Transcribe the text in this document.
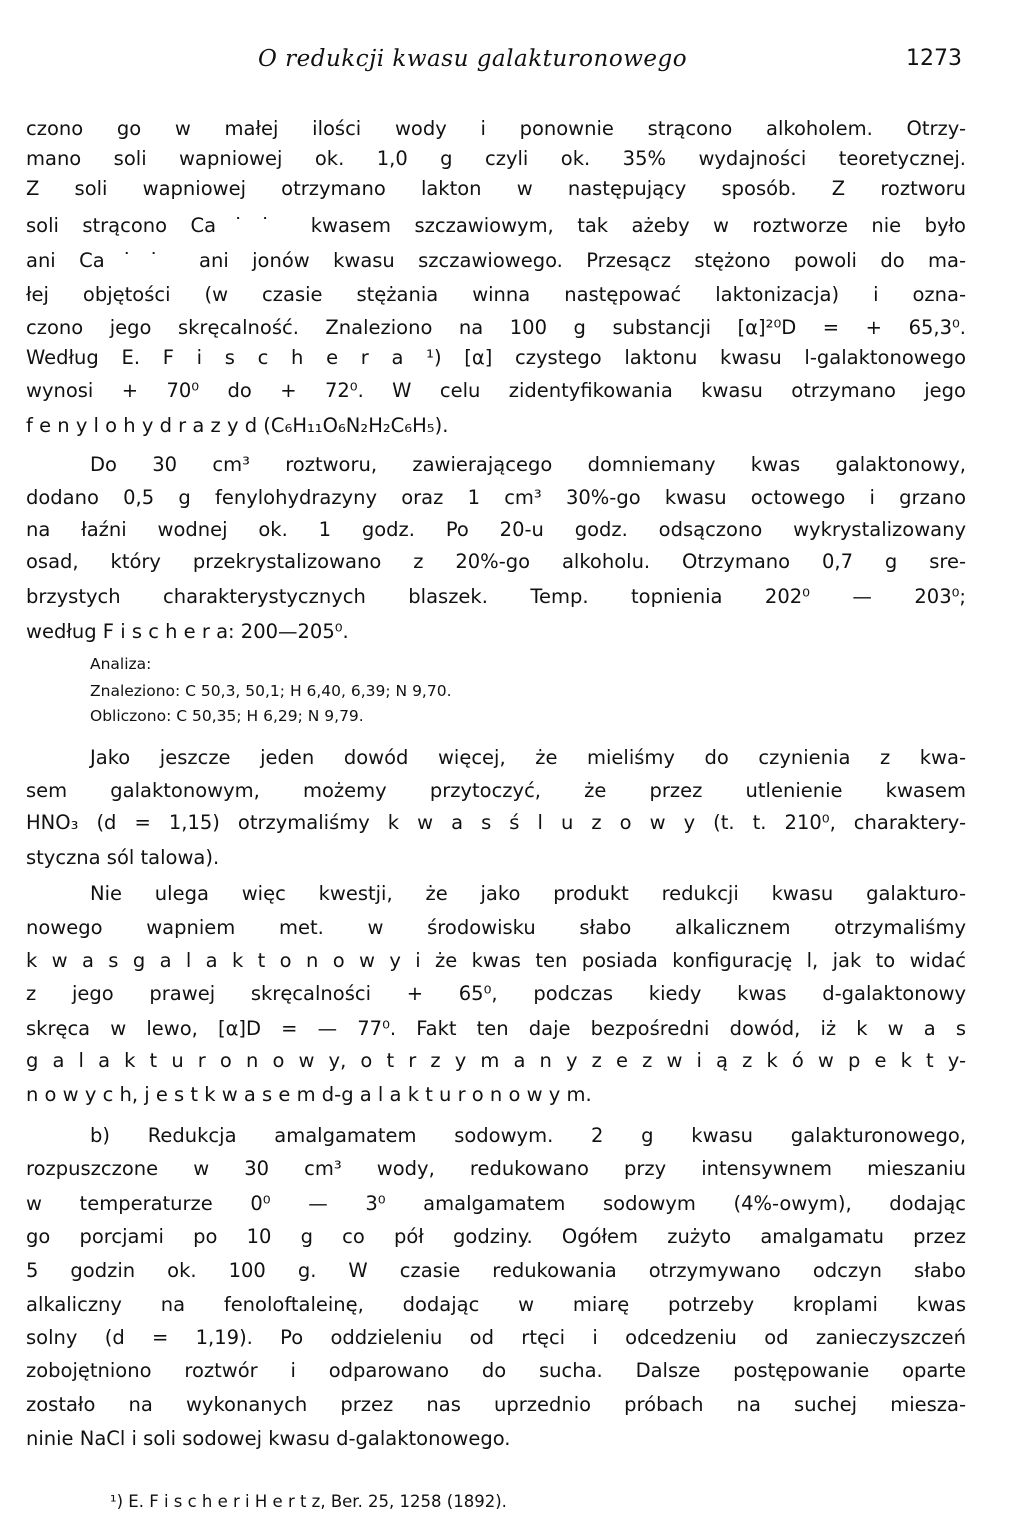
O redukcji kwasu galakturonowego	1273
czono go w małej ilości wody i ponownie strącono alkoholem. Otrzy-
mano soli wapniowej ok. 1,0 g czyli ok. 35% wydajności teoretycznej.
Z soli wapniowej otrzymano lakton w następujący sposób. Z roztworu
soli strącono Ca˙˙ kwasem szczawiowym, tak ażeby w roztworze nie było
ani Ca˙˙ ani jonów kwasu szczawiowego. Przesącz stężono powoli do ma-
łej objętości (w czasie stężania winna następować laktonizacja) i ozna-
czono jego skręcalność. Znaleziono na 100 g substancji [α]²⁰D = + 65,3⁰.
Według E. F i s c h e r a ¹) [α] czystego laktonu kwasu l-galaktonowego
wynosi + 70⁰ do + 72⁰. W celu zidentyfikowania kwasu otrzymano jego
f e n y l o h y d r a z y d (C₆H₁₁O₆N₂H₂C₆H₅).
Do 30 cm³ roztworu, zawierającego domniemany kwas galaktonowy,
dodano 0,5 g fenylohydrazyny oraz 1 cm³ 30%-go kwasu octowego i grzano
na łaźni wodnej ok. 1 godz. Po 20-u godz. odsączono wykrystalizowany
osad, który przekrystalizowano z 20%-go alkoholu. Otrzymano 0,7 g sre-
brzystych charakterystycznych blaszek. Temp. topnienia 202⁰ — 203⁰;
według F i s c h e r a: 200—205⁰.
Analiza:
Znaleziono: C 50,3, 50,1; H 6,40, 6,39; N 9,70.
Obliczono: C 50,35; H 6,29; N 9,79.
Jako jeszcze jeden dowód więcej, że mieliśmy do czynienia z kwa-
sem galaktonowym, możemy przytoczyć, że przez utlenienie kwasem
HNO₃ (d = 1,15) otrzymaliśmy k w a s ś l u z o w y (t. t. 210⁰, charaktery-
styczna sól talowa).
Nie ulega więc kwestji, że jako produkt redukcji kwasu galakturo-
nowego wapniem met. w środowisku słabo alkalicznem otrzymaliśmy
k w a s g a l a k t o n o w y i że kwas ten posiada konfigurację l, jak to widać
z jego prawej skręcalności + 65⁰, podczas kiedy kwas d-galaktonowy
skręca w lewo, [α]D = — 77⁰. Fakt ten daje bezpośredni dowód, iż k w a s
g a l a k t u r o n o w y, o t r z y m a n y z e z w i ą z k ó w p e k t y-
n o w y c h, j e s t k w a s e m d-g a l a k t u r o n o w y m.
b) Redukcja amalgamatem sodowym. 2 g kwasu galakturonowego,
rozpuszczone w 30 cm³ wody, redukowano przy intensywnem mieszaniu
w temperaturze 0⁰ — 3⁰ amalgamatem sodowym (4%-owym), dodając
go porcjami po 10 g co pół godziny. Ogółem zużyto amalgamatu przez
5 godzin ok. 100 g. W czasie redukowania otrzymywano odczyn słabo
alkaliczny na fenoloftaleinę, dodając w miarę potrzeby kroplami kwas
solny (d = 1,19). Po oddzieleniu od rtęci i odcedzeniu od zanieczyszczeń
zobojętniono roztwór i odparowano do sucha. Dalsze postępowanie oparte
zostało na wykonanych przez nas uprzednio próbach na suchej miesza-
ninie NaCl i soli sodowej kwasu d-galaktonowego.
¹) E. F i s c h e r i H e r t z, Ber. 25, 1258 (1892).
